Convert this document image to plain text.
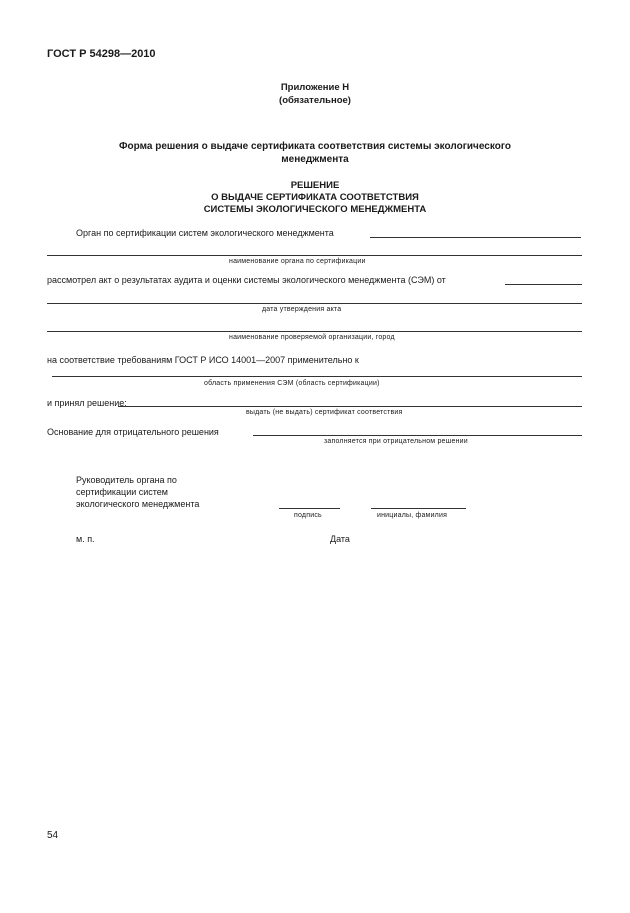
ГОСТ Р 54298—2010
Приложение Н
(обязательное)
Форма решения о выдаче сертификата соответствия системы экологического
менеджмента
РЕШЕНИЕ
О ВЫДАЧЕ СЕРТИФИКАТА СООТВЕТСТВИЯ
СИСТЕМЫ ЭКОЛОГИЧЕСКОГО МЕНЕДЖМЕНТА
Орган по сертификации систем экологического менеджмента
наименование органа по сертификации
рассмотрел акт о результатах аудита и оценки системы экологического менеджмента (СЭМ) от
дата утверждения акта
наименование проверяемой организации, город
на соответствие требованиям ГОСТ Р ИСО 14001—2007 применительно к
область применения СЭМ (область сертификации)
и принял решение:
выдать (не выдать) сертификат соответствия
Основание для отрицательного решения
заполняется при отрицательном решении
Руководитель органа по
сертификации систем
экологического менеджмента
подпись	инициалы, фамилия
м. п.	Дата
54
